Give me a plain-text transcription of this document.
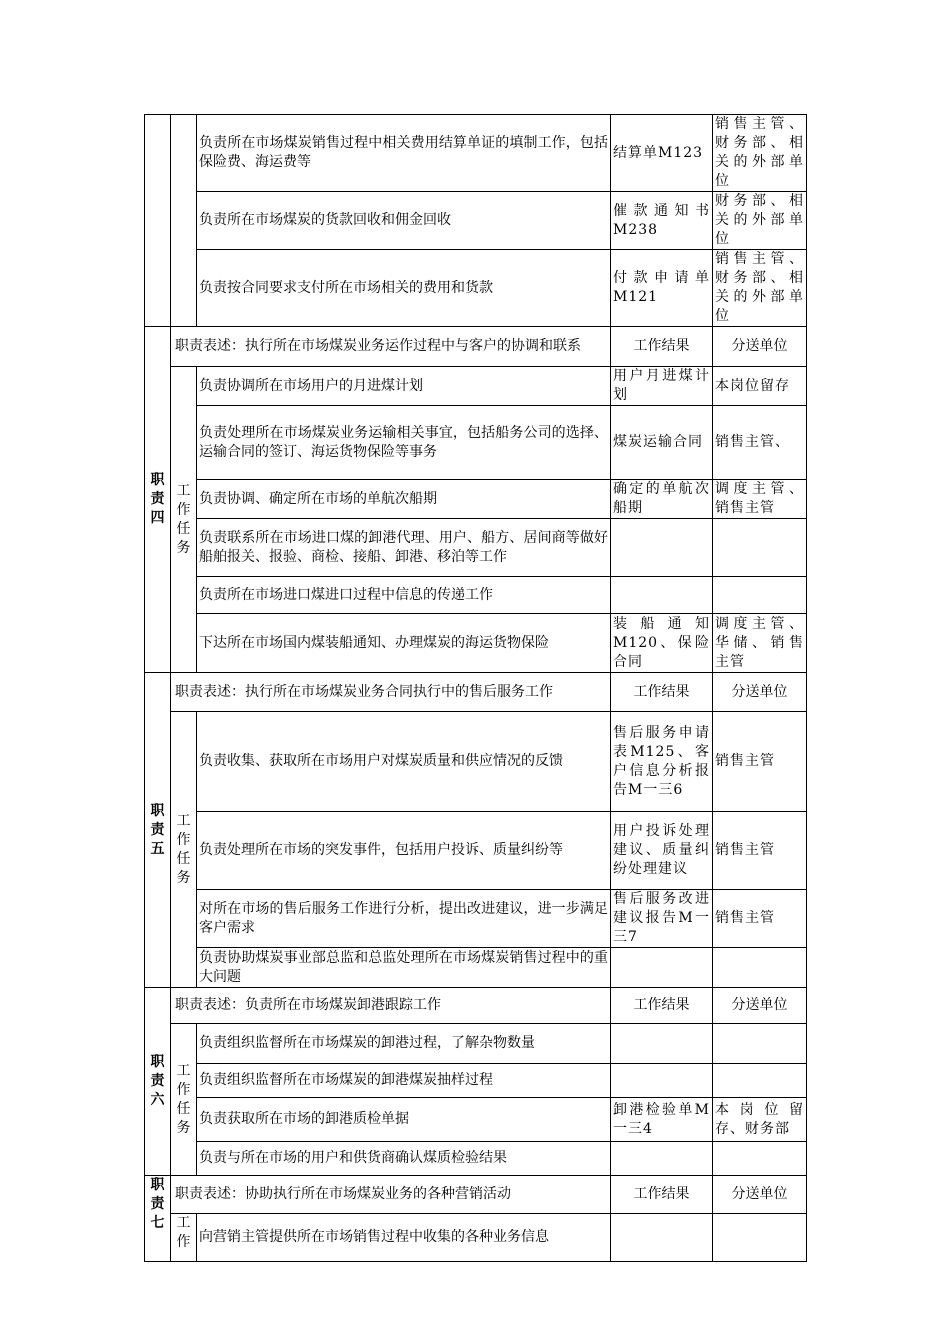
		负责所在市场煤炭销售过程中相关费用结算单证的填制工作，包括保险费、海运费等	结算单M123	销售主管、财务部、相关的外部单位
		负责所在市场煤炭的货款回收和佣金回收	催款通知书M238	财务部、相关的外部单位
		负责按合同要求支付所在市场相关的费用和货款	付款申请单M121	销售主管、财务部、相关的外部单位
职责四	职责表述：执行所在市场煤炭业务运作过程中与客户的协调和联系		工作结果	分送单位
	工作任务	负责协调所在市场用户的月进煤计划	用户月进煤计划	本岗位留存
		负责处理所在市场煤炭业务运输相关事宜，包括船务公司的选择、运输合同的签订、海运货物保险等事务	煤炭运输合同	销售主管、
		负责协调、确定所在市场的单航次船期	确定的单航次船期	调度主管、销售主管
		负责联系所在市场进口煤的卸港代理、用户、船方、居间商等做好船舶报关、报验、商检、接船、卸港、移泊等工作		
		负责所在市场进口煤进口过程中信息的传递工作		
		下达所在市场国内煤装船通知、办理煤炭的海运货物保险	装船通知M120、保险合同	调度主管、华储、销售主管
职责五	职责表述：执行所在市场煤炭业务合同执行中的售后服务工作		工作结果	分送单位
	工作任务	负责收集、获取所在市场用户对煤炭质量和供应情况的反馈	售后服务申请表M125、客户信息分析报告M一三6	销售主管
		负责处理所在市场的突发事件，包括用户投诉、质量纠纷等	用户投诉处理建议、质量纠纷处理建议	销售主管
		对所在市场的售后服务工作进行分析，提出改进建议，进一步满足客户需求	售后服务改进建议报告M一三7	销售主管
		负责协助煤炭事业部总监和总监处理所在市场煤炭销售过程中的重大问题		
职责六	职责表述：负责所在市场煤炭卸港跟踪工作		工作结果	分送单位
	工作任务	负责组织监督所在市场煤炭的卸港过程，了解杂物数量		
		负责组织监督所在市场煤炭的卸港煤炭抽样过程		
		负责获取所在市场的卸港质检单据	卸港检验单M一三4	本岗位留存、财务部
		负责与所在市场的用户和供货商确认煤质检验结果		
职责七	职责表述：协助执行所在市场煤炭业务的各种营销活动		工作结果	分送单位
	工作	向营销主管提供所在市场销售过程中收集的各种业务信息		
